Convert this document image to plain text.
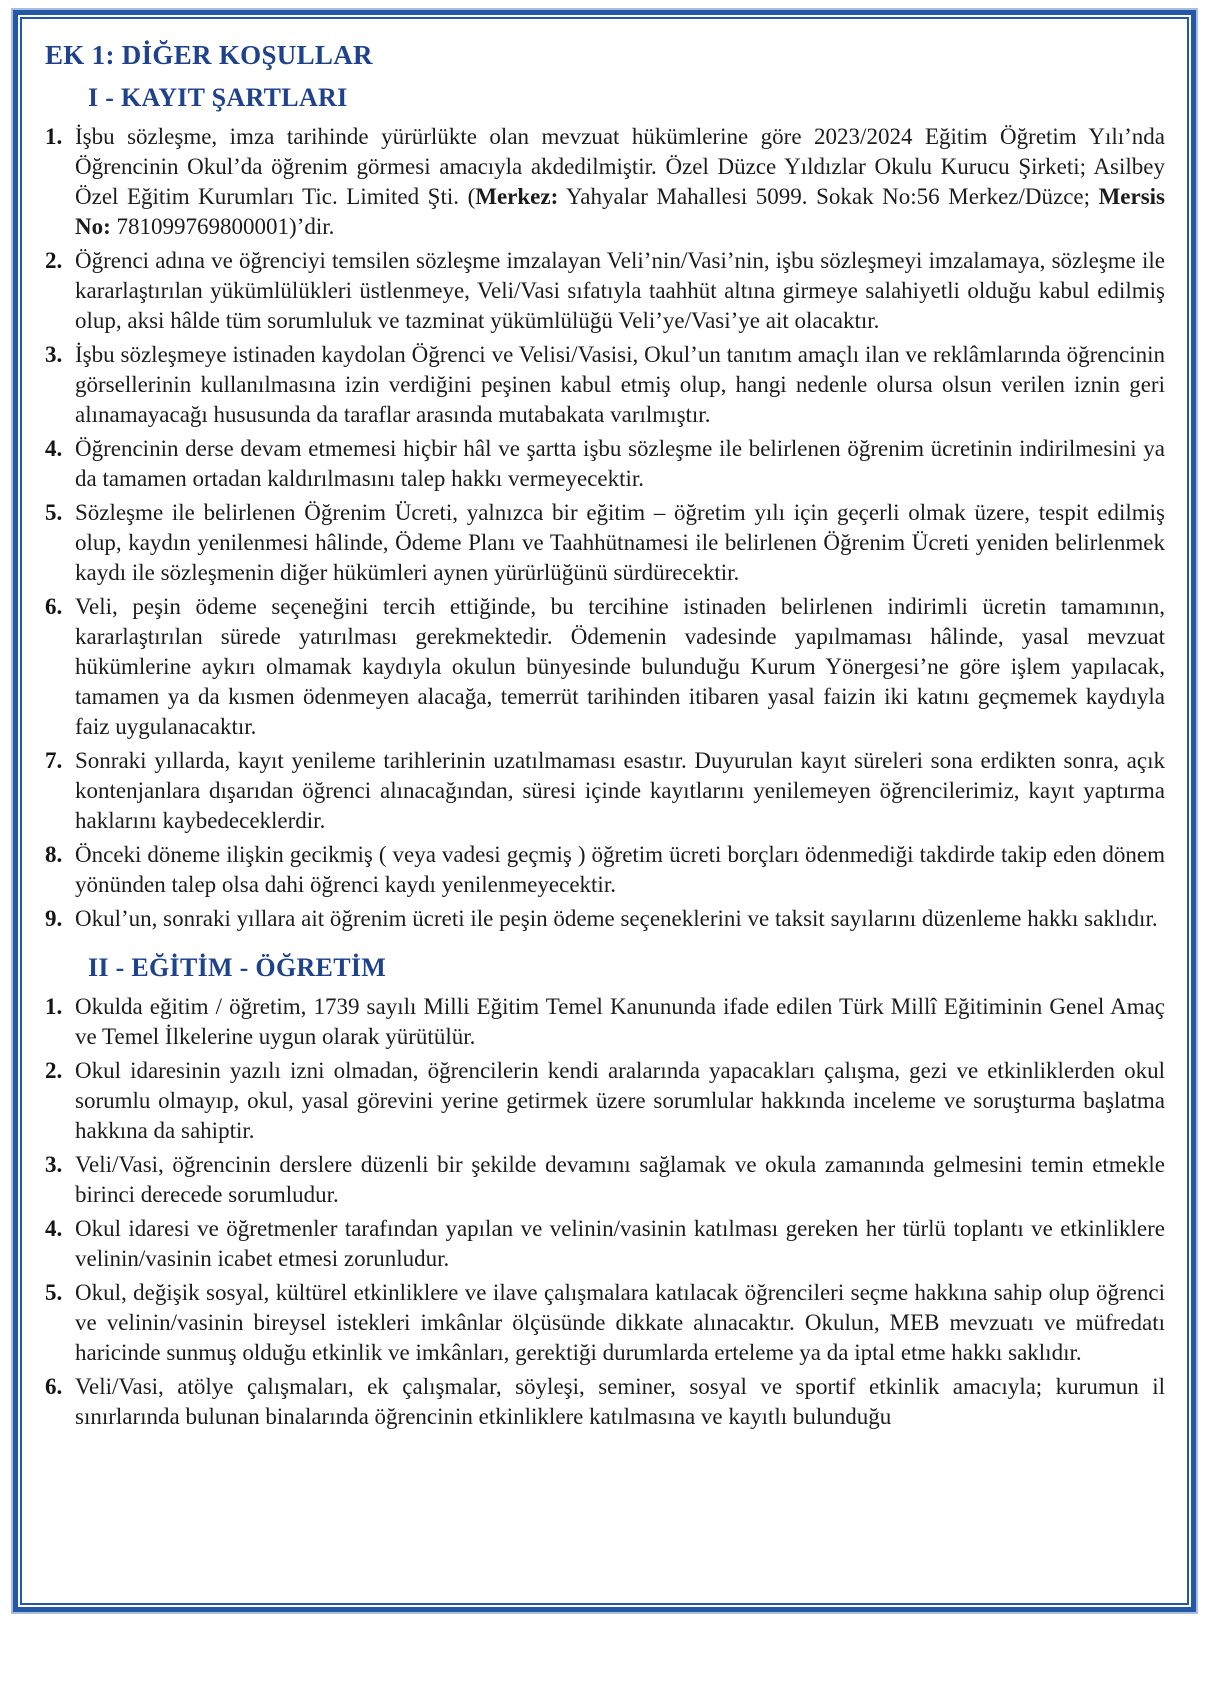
EK 1: DİĞER KOŞULLAR
I - KAYIT ŞARTLARI
1. İşbu sözleşme, imza tarihinde yürürlükte olan mevzuat hükümlerine göre 2023/2024 Eğitim Öğretim Yılı’nda Öğrencinin Okul’da öğrenim görmesi amacıyla akdedilmiştir. Özel Düzce Yıldızlar Okulu Kurucu Şirketi; Asilbey Özel Eğitim Kurumları Tic. Limited Şti. (Merkez: Yahyalar Mahallesi 5099. Sokak No:56 Merkez/Düzce; Mersis No: 781099769800001)’dir.
2. Öğrenci adına ve öğrenciyi temsilen sözleşme imzalayan Veli’nin/Vasi’nin, işbu sözleşmeyi imzalamaya, sözleşme ile kararlaştırılan yükümlülükleri üstlenmeye, Veli/Vasi sıfatıyla taahhüt altına girmeye salahiyetli olduğu kabul edilmiş olup, aksi hâlde tüm sorumluluk ve tazminat yükümlülüğü Veli’ye/Vasi’ye ait olacaktır.
3. İşbu sözleşmeye istinaden kaydolan Öğrenci ve Velisi/Vasisi, Okul’un tanıtım amaçlı ilan ve reklâmlarında öğrencinin görsellerinin kullanılmasına izin verdiğini peşinen kabul etmiş olup, hangi nedenle olursa olsun verilen iznin geri alınamayacağı hususunda da taraflar arasında mutabakata varılmıştır.
4. Öğrencinin derse devam etmemesi hiçbir hâl ve şartta işbu sözleşme ile belirlenen öğrenim ücretinin indirilmesini ya da tamamen ortadan kaldırılmasını talep hakkı vermeyecektir.
5. Sözleşme ile belirlenen Öğrenim Ücreti, yalnızca bir eğitim – öğretim yılı için geçerli olmak üzere, tespit edilmiş olup, kaydın yenilenmesi hâlinde, Ödeme Planı ve Taahhütnamesi ile belirlenen Öğrenim Ücreti yeniden belirlenmek kaydı ile sözleşmenin diğer hükümleri aynen yürürlüğünü sürdürecektir.
6. Veli, peşin ödeme seçeneğini tercih ettiğinde, bu tercihine istinaden belirlenen indirimli ücretin tamamının, kararlaştırılan sürede yatırılması gerekmektedir. Ödemenin vadesinde yapılmaması hâlinde, yasal mevzuat hükümlerine aykırı olmamak kaydıyla okulun bünyesinde bulunduğu Kurum Yönergesi’ne göre işlem yapılacak, tamamen ya da kısmen ödenmeyen alacağa, temerrüt tarihinden itibaren yasal faizin iki katını geçmemek kaydıyla faiz uygulanacaktır.
7. Sonraki yıllarda, kayıt yenileme tarihlerinin uzatılmaması esastır. Duyurulan kayıt süreleri sona erdikten sonra, açık kontenjanlara dışarıdan öğrenci alınacağından, süresi içinde kayıtlarını yenilemeyen öğrencilerimiz, kayıt yaptırma haklarını kaybedeceklerdir.
8. Önceki döneme ilişkin gecikmiş ( veya vadesi geçmiş ) öğretim ücreti borçları ödenmediği takdirde takip eden dönem yönünden talep olsa dahi öğrenci kaydı yenilenmeyecektir.
9. Okul’un, sonraki yıllara ait öğrenim ücreti ile peşin ödeme seçeneklerini ve taksit sayılarını düzenleme hakkı saklıdır.
II - EĞİTİM - ÖĞRETİM
1. Okulda eğitim / öğretim, 1739 sayılı Milli Eğitim Temel Kanununda ifade edilen Türk Millî Eğitiminin Genel Amaç ve Temel İlkelerine uygun olarak yürütülür.
2. Okul idaresinin yazılı izni olmadan, öğrencilerin kendi aralarında yapacakları çalışma, gezi ve etkinliklerden okul sorumlu olmayıp, okul, yasal görevini yerine getirmek üzere sorumlular hakkında inceleme ve soruşturma başlatma hakkına da sahiptir.
3. Veli/Vasi, öğrencinin derslere düzenli bir şekilde devamını sağlamak ve okula zamanında gelmesini temin etmekle birinci derecede sorumludur.
4. Okul idaresi ve öğretmenler tarafından yapılan ve velinin/vasinin katılması gereken her türlü toplantı ve etkinliklere velinin/vasinin icabet etmesi zorunludur.
5. Okul, değişik sosyal, kültürel etkinliklere ve ilave çalışmalara katılacak öğrencileri seçme hakkına sahip olup öğrenci ve velinin/vasinin bireysel istekleri imkânlar ölçüsünde dikkate alınacaktır. Okulun, MEB mevzuatı ve müfredatı haricinde sunmuş olduğu etkinlik ve imkânları, gerektiği durumlarda erteleme ya da iptal etme hakkı saklıdır.
6. Veli/Vasi, atölye çalışmaları, ek çalışmalar, söyleşi, seminer, sosyal ve sportif etkinlik amacıyla; kurumun il sınırlarında bulunan binalarında öğrencinin etkinliklere katılmasına ve kayıtlı bulunduğu
